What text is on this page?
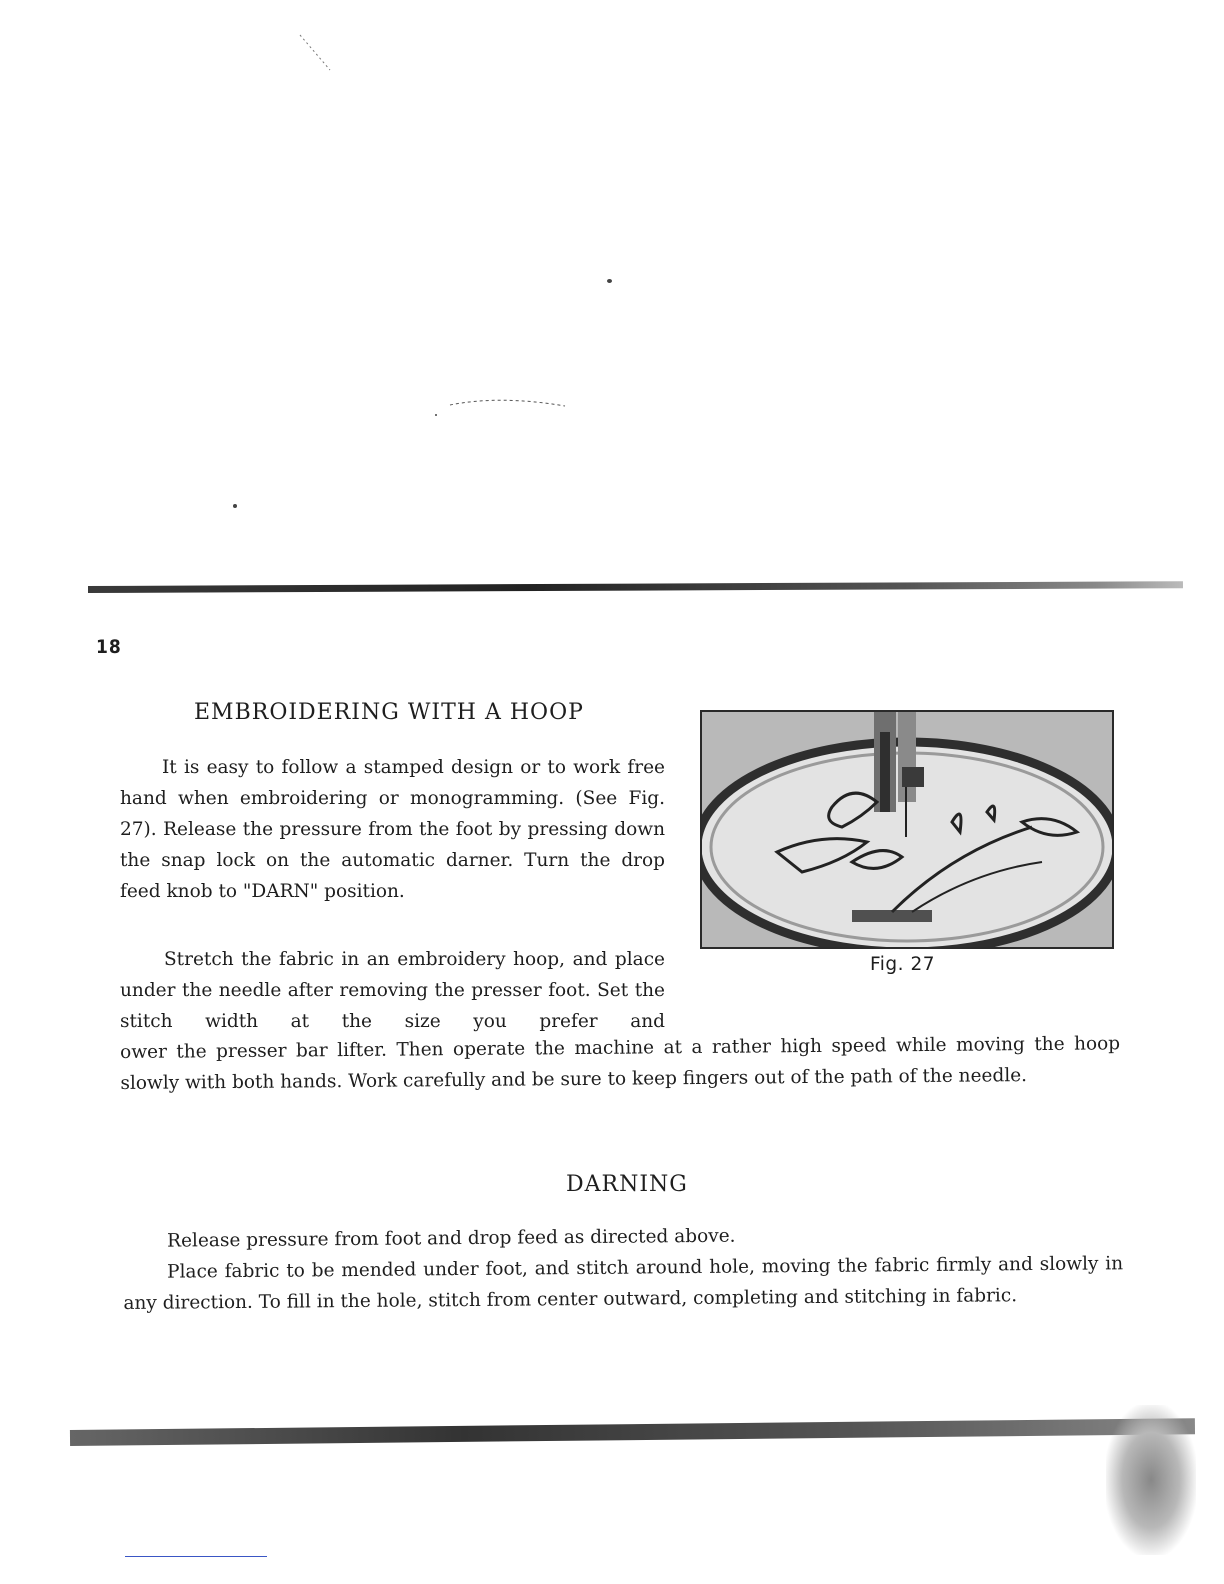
18
EMBROIDERING WITH A HOOP

It is easy to follow a stamped design or to work free hand when embroidering or monogramming. (See Fig. 27). Release the pressure from the foot by pressing down the snap lock on the automatic darner. Turn the drop feed knob to "DARN" position.

Stretch the fabric in an embroidery hoop, and place under the needle after removing the presser foot. Set the stitch width at the size you prefer and

ower the presser bar lifter. Then operate the machine at a rather high speed while moving the hoop slowly with both hands. Work carefully and be sure to keep fingers out of the path of the needle.

Fig. 27
DARNING

Release pressure from foot and drop feed as directed above.

Place fabric to be mended under foot, and stitch around hole, moving the fabric firmly and slowly in any direction. To fill in the hole, stitch from center outward, completing and stitching in fabric.
